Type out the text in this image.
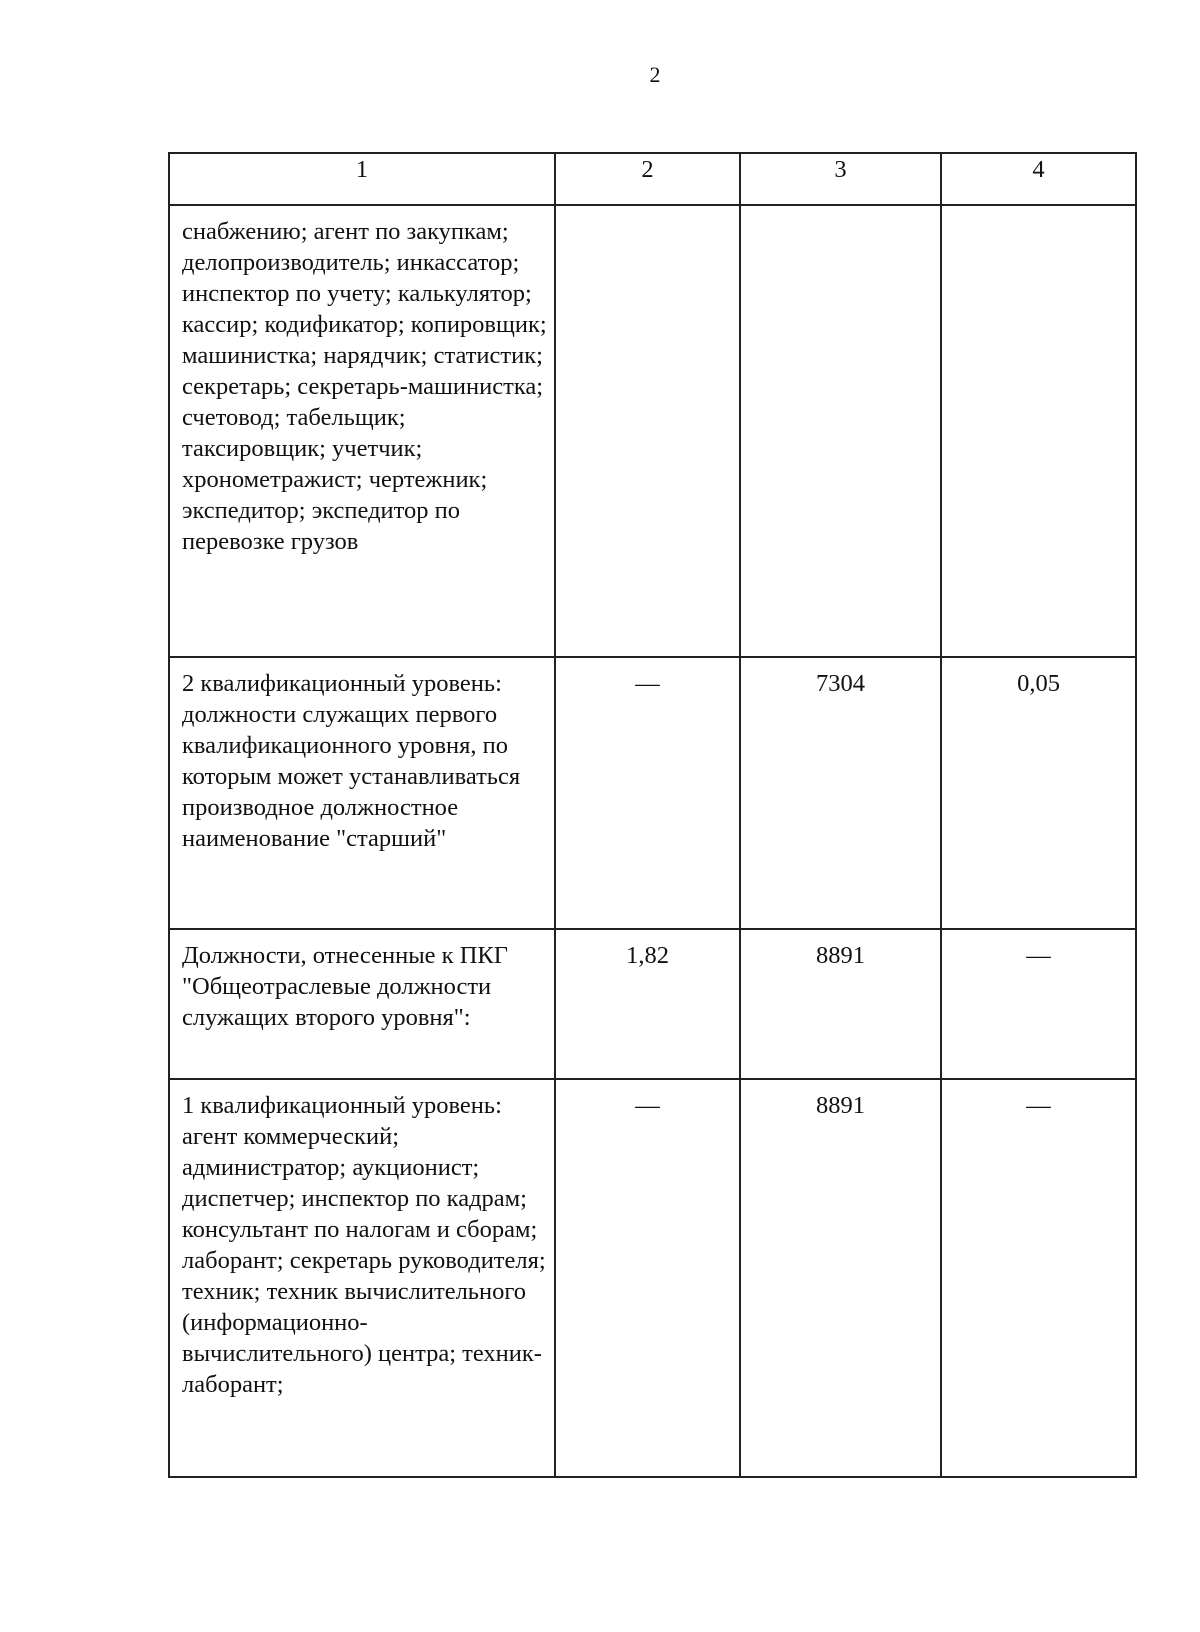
2
1	2	3	4
снабжению; агент по закупкам; делопроизводитель; инкассатор; инспектор по учету; калькулятор; кассир; кодификатор; копировщик; машинистка; нарядчик; статистик; секретарь; секретарь-машинистка; счетовод; табельщик; таксировщик; учетчик; хронометражист; чертежник; экспедитор; экспедитор по перевозке грузов			
2 квалификационный уровень: должности служащих первого квалификационного уровня, по которым может устанавливаться производное должностное наименование "старший"	—	7304	0,05
Должности, отнесенные к ПКГ "Общеотраслевые должности служащих второго уровня":	1,82	8891	—
1 квалификационный уровень: агент коммерческий; администратор; аукционист; диспетчер; инспектор по кадрам; консультант по налогам и сборам; лаборант; секретарь руководителя; техник; техник вычислительного (информационно-вычислительного) центра; техник-лаборант;	—	8891	—
